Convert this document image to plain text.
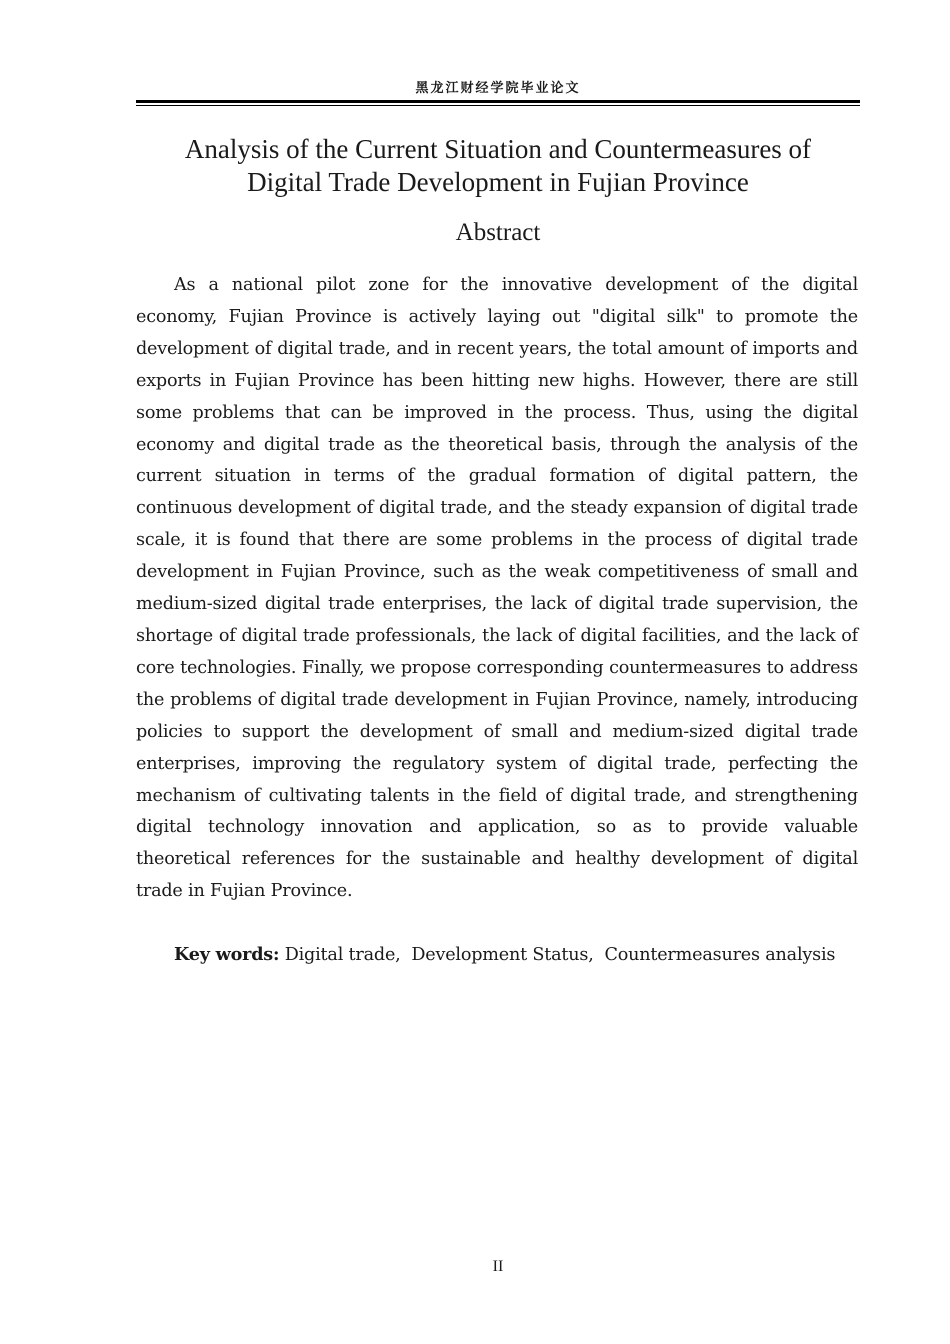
黑龙江财经学院毕业论文
Analysis of the Current Situation and Countermeasures of
Digital Trade Development in Fujian Province
Abstract

As a national pilot zone for the innovative development of the digital economy, Fujian Province is actively laying out "digital silk" to promote the development of digital trade, and in recent years, the total amount of imports and exports in Fujian Province has been hitting new highs. However, there are still some problems that can be improved in the process. Thus, using the digital economy and digital trade as the theoretical basis, through the analysis of the current situation in terms of the gradual formation of digital pattern, the continuous development of digital trade, and the steady expansion of digital trade scale, it is found that there are some problems in the process of digital trade development in Fujian Province, such as the weak competitiveness of small and medium-sized digital trade enterprises, the lack of digital trade supervision, the shortage of digital trade professionals, the lack of digital facilities, and the lack of core technologies. Finally, we propose corresponding countermeasures to address the problems of digital trade development in Fujian Province, namely, introducing policies to support the development of small and medium-sized digital trade enterprises, improving the regulatory system of digital trade, perfecting the mechanism of cultivating talents in the field of digital trade, and strengthening digital technology innovation and application, so as to provide valuable theoretical references for the sustainable and healthy development of digital trade in Fujian Province.

Key words: Digital trade,  Development Status,  Countermeasures analysis

II
